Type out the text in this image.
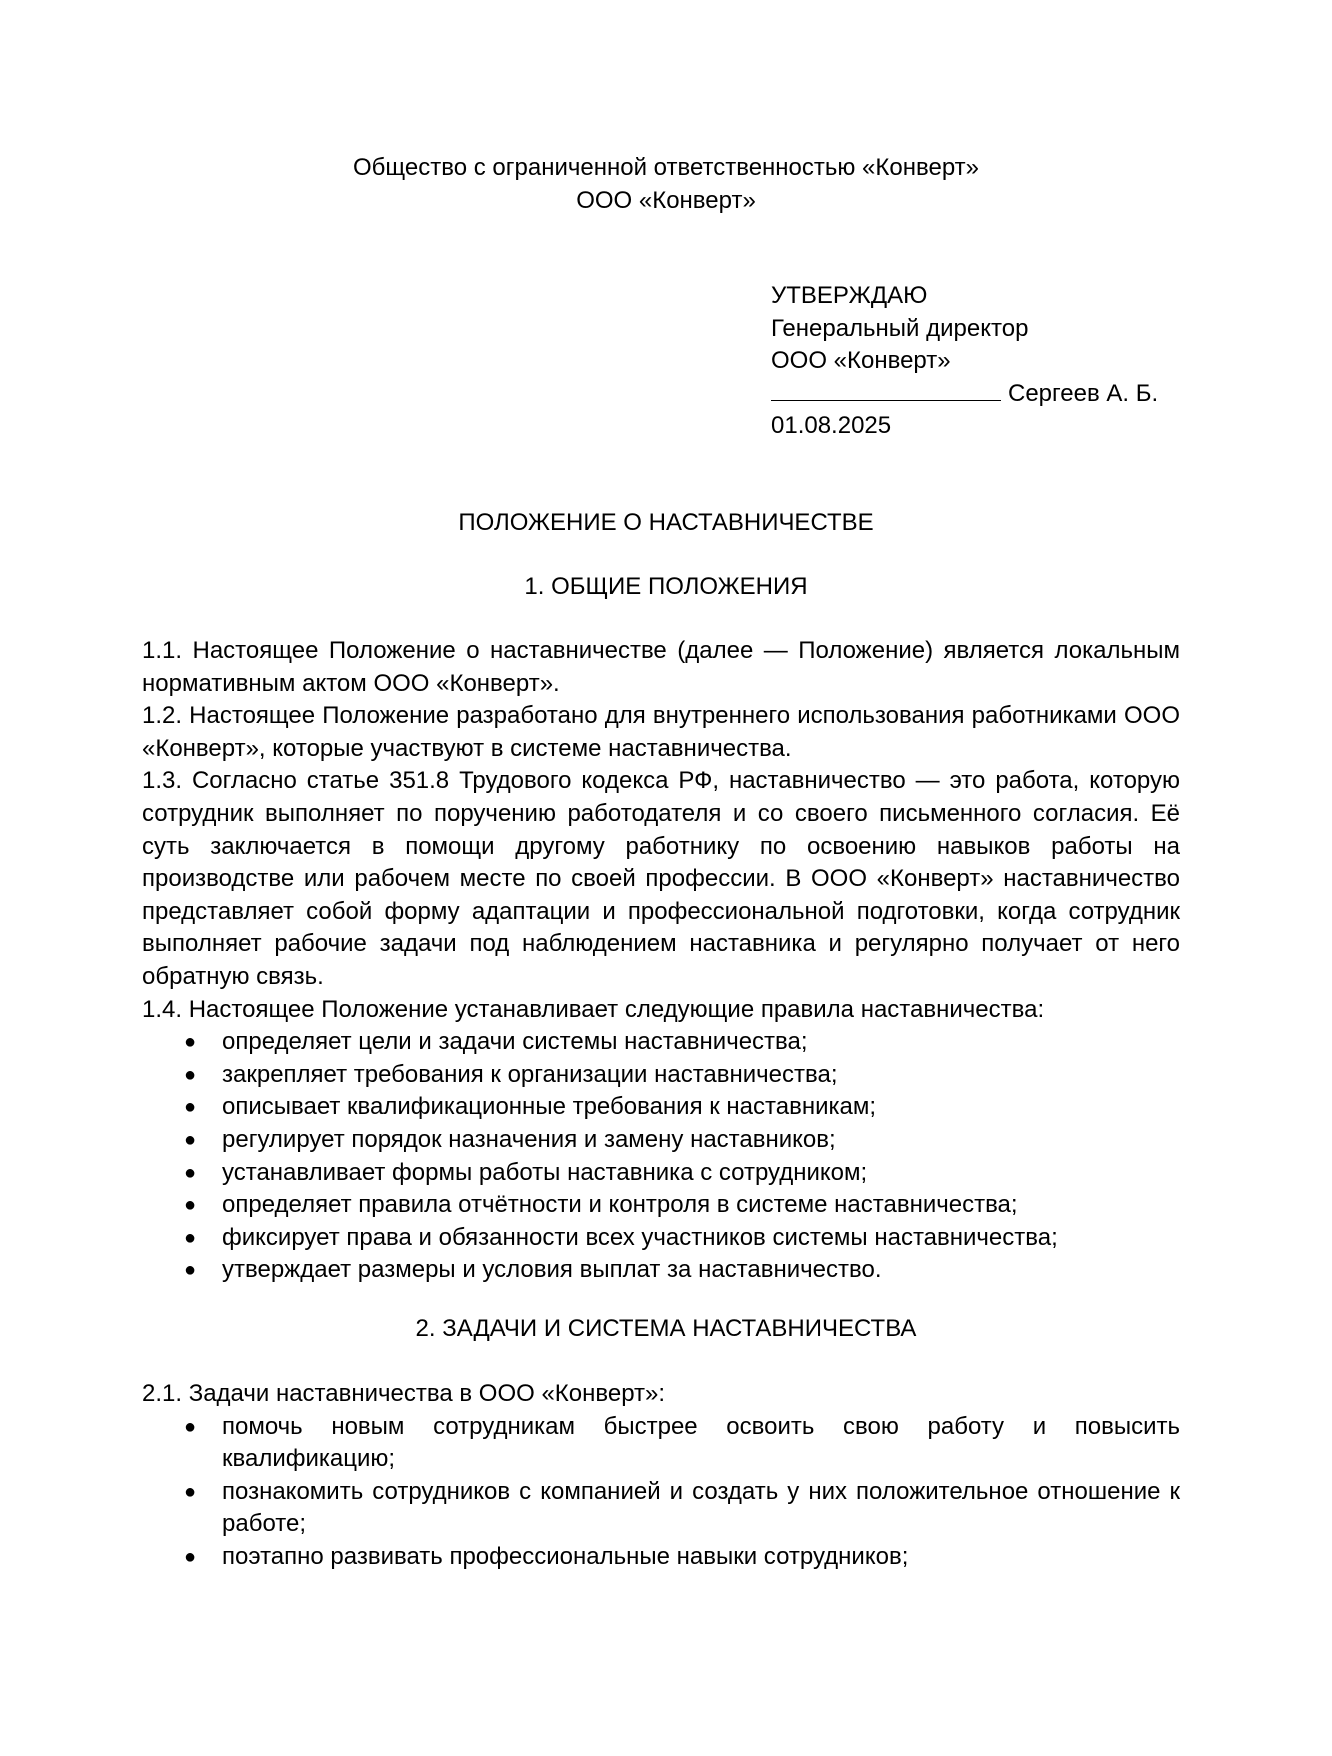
Общество с ограниченной ответственностью «Конверт»
ООО «Конверт»
УТВЕРЖДАЮ
Генеральный директор
ООО «Конверт»
Сергеев А. Б.
01.08.2025
ПОЛОЖЕНИЕ О НАСТАВНИЧЕСТВЕ
1. ОБЩИЕ ПОЛОЖЕНИЯ

1.1. Настоящее Положение о наставничестве (далее — Положение) является локальным нормативным актом ООО «Конверт».

1.2. Настоящее Положение разработано для внутреннего использования работниками ООО «Конверт», которые участвуют в системе наставничества.

1.3. Согласно статье 351.8 Трудового кодекса РФ, наставничество — это работа, которую сотрудник выполняет по поручению работодателя и со своего письменного согласия. Её суть заключается в помощи другому работнику по освоению навыков работы на производстве или рабочем месте по своей профессии. В ООО «Конверт» наставничество представляет собой форму адаптации и профессиональной подготовки, когда сотрудник выполняет рабочие задачи под наблюдением наставника и регулярно получает от него обратную связь.

1.4. Настоящее Положение устанавливает следующие правила наставничества:

● определяет цели и задачи системы наставничества;
● закрепляет требования к организации наставничества;
● описывает квалификационные требования к наставникам;
● регулирует порядок назначения и замену наставников;
● устанавливает формы работы наставника с сотрудником;
● определяет правила отчётности и контроля в системе наставничества;
● фиксирует права и обязанности всех участников системы наставничества;
● утверждает размеры и условия выплат за наставничество.
2. ЗАДАЧИ И СИСТЕМА НАСТАВНИЧЕСТВА

2.1. Задачи наставничества в ООО «Конверт»:

● помочь новым сотрудникам быстрее освоить свою работу и повысить квалификацию;
● познакомить сотрудников с компанией и создать у них положительное отношение к работе;
● поэтапно развивать профессиональные навыки сотрудников;
